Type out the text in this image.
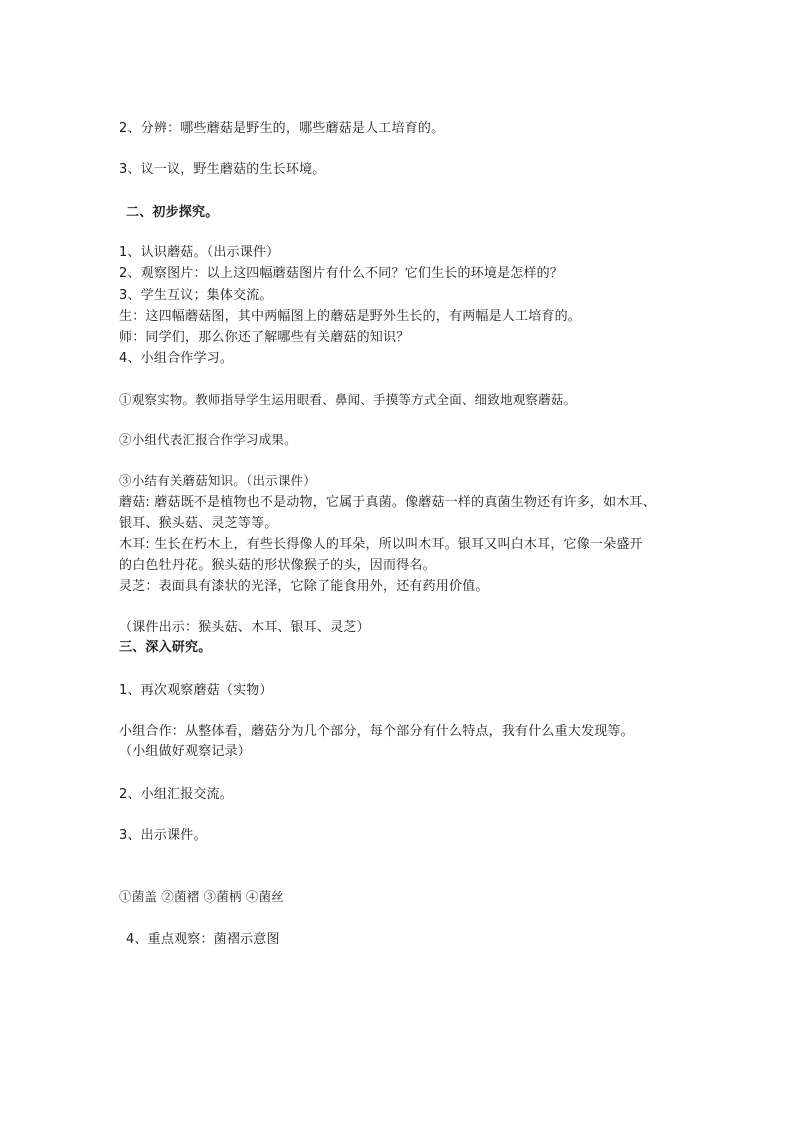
2、分辨：哪些蘑菇是野生的，哪些蘑菇是人工培育的。
3、议一议，野生蘑菇的生长环境。
二、初步探究。
1、认识蘑菇。（出示课件）
2、观察图片：以上这四幅蘑菇图片有什么不同？它们生长的环境是怎样的？
3、学生互议；集体交流。
生：这四幅蘑菇图，其中两幅图上的蘑菇是野外生长的，有两幅是人工培育的。
师：同学们，那么你还了解哪些有关蘑菇的知识？
4、小组合作学习。
①观察实物。教师指导学生运用眼看、鼻闻、手摸等方式全面、细致地观察蘑菇。
②小组代表汇报合作学习成果。
③小结有关蘑菇知识。（出示课件）
蘑菇: 蘑菇既不是植物也不是动物，它属于真菌。像蘑菇一样的真菌生物还有许多，如木耳、
银耳、猴头菇、灵芝等等。
木耳: 生长在朽木上，有些长得像人的耳朵，所以叫木耳。银耳又叫白木耳，它像一朵盛开
的白色牡丹花。猴头菇的形状像猴子的头，因而得名。
灵芝：表面具有漆状的光泽，它除了能食用外，还有药用价值。
（课件出示：猴头菇、木耳、银耳、灵芝）
三、深入研究。
1、再次观察蘑菇（实物）
小组合作：从整体看，蘑菇分为几个部分，每个部分有什么特点，我有什么重大发现等。
（小组做好观察记录）
2、小组汇报交流。
3、出示课件。
①菌盖 ②菌褶 ③菌柄 ④菌丝
4、重点观察：菌褶示意图
